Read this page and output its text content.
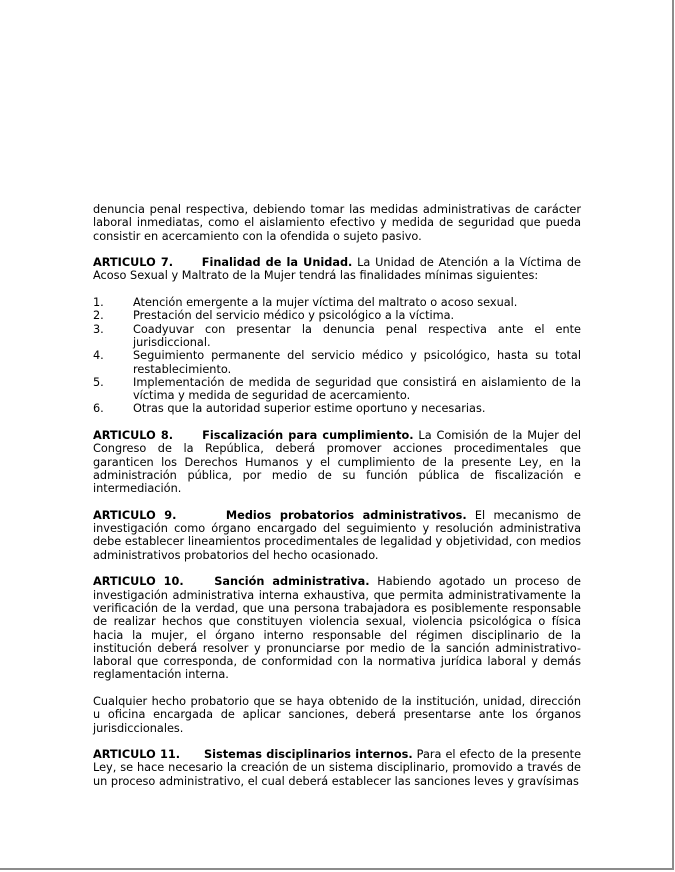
denuncia penal respectiva, debiendo tomar las medidas administrativas de carácter laboral inmediatas, como el aislamiento efectivo y medida de seguridad que pueda consistir en acercamiento con la ofendida o sujeto pasivo.

ARTICULO 7.	Finalidad de la Unidad. La Unidad de Atención a la Víctima de Acoso Sexual y Maltrato de la Mujer tendrá las finalidades mínimas siguientes:

1.	Atención emergente a la mujer víctima del maltrato o acoso sexual.
2.	Prestación del servicio médico y psicológico a la víctima.
3.	Coadyuvar con presentar la denuncia penal respectiva ante el ente jurisdiccional.
4.	Seguimiento permanente del servicio médico y psicológico, hasta su total restablecimiento.
5.	Implementación de medida de seguridad que consistirá en aislamiento de la víctima y medida de seguridad de acercamiento.
6.	Otras que la autoridad superior estime oportuno y necesarias.

ARTICULO 8.	Fiscalización para cumplimiento. La Comisión de la Mujer del Congreso de la República, deberá promover acciones procedimentales que garanticen los Derechos Humanos y el cumplimiento de la presente Ley, en la administración pública, por medio de su función pública de fiscalización e intermediación.

ARTICULO 9.	Medios probatorios administrativos. El mecanismo de investigación como órgano encargado del seguimiento y resolución administrativa debe establecer lineamientos procedimentales de legalidad y objetividad, con medios administrativos probatorios del hecho ocasionado.

ARTICULO 10.	Sanción administrativa. Habiendo agotado un proceso de investigación administrativa interna exhaustiva, que permita administrativamente la verificación de la verdad, que una persona trabajadora es posiblemente responsable de realizar hechos que constituyen violencia sexual, violencia psicológica o física hacia la mujer, el órgano interno responsable del régimen disciplinario de la institución deberá resolver y pronunciarse por medio de la sanción administrativo-laboral que corresponda, de conformidad con la normativa jurídica laboral y demás reglamentación interna.

Cualquier hecho probatorio que se haya obtenido de la institución, unidad, dirección u oficina encargada de aplicar sanciones, deberá presentarse ante los órganos jurisdiccionales.

ARTICULO 11. Sistemas disciplinarios internos. Para el efecto de la presente Ley, se hace necesario la creación de un sistema disciplinario, promovido a través de un proceso administrativo, el cual deberá establecer las sanciones leves y gravísimas
